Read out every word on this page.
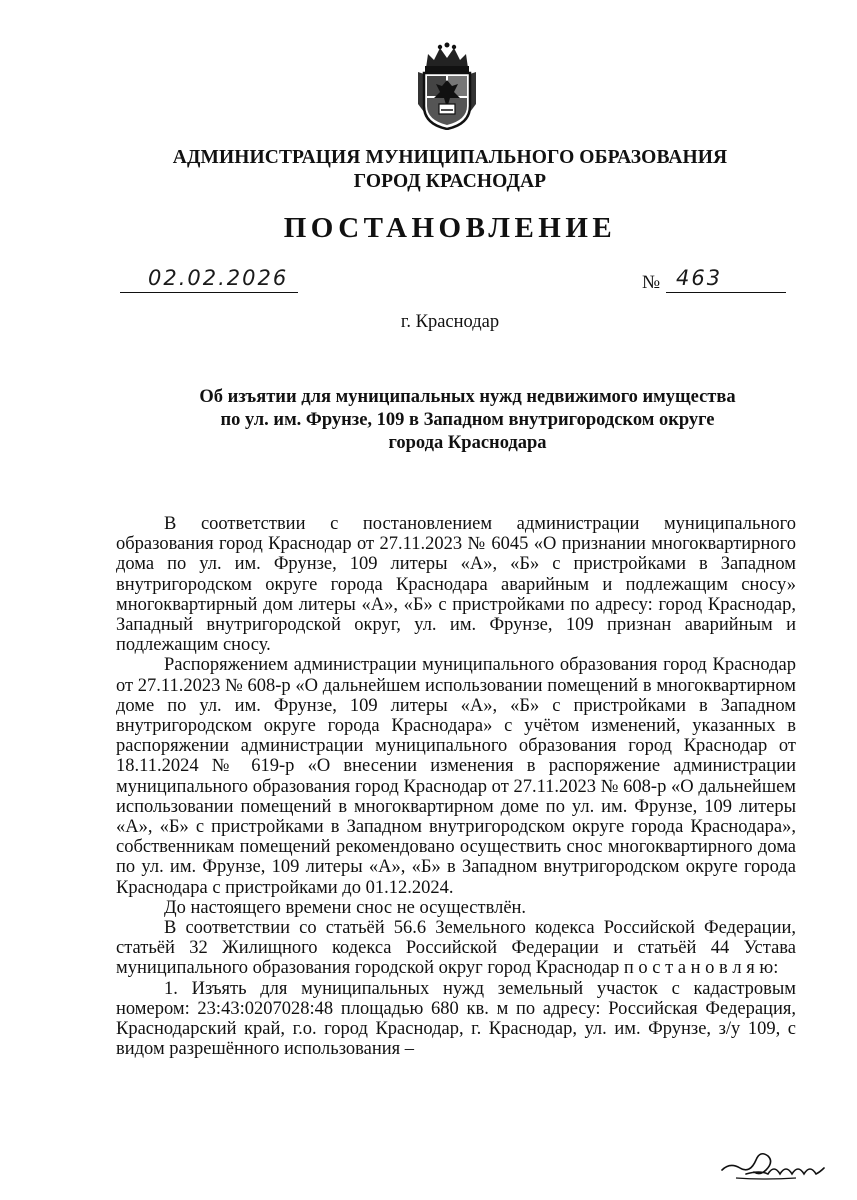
АДМИНИСТРАЦИЯ МУНИЦИПАЛЬНОГО ОБРАЗОВАНИЯ
ГОРОД КРАСНОДАР
ПОСТАНОВЛЕНИЕ
02.02.2026	№ 463
г. Краснодар
Об изъятии для муниципальных нужд недвижимого имущества
по ул. им. Фрунзе, 109 в Западном внутригородском округе
города Краснодара

В соответствии с постановлением администрации муниципального образования город Краснодар от 27.11.2023 № 6045 «О признании многоквартирного дома по ул. им. Фрунзе, 109 литеры «А», «Б» с пристройками в Западном внутригородском округе города Краснодара аварийным и подлежащим сносу» многоквартирный дом литеры «А», «Б» с пристройками по адресу: город Краснодар, Западный внутригородской округ, ул. им. Фрунзе, 109 признан аварийным и подлежащим сносу.

Распоряжением администрации муниципального образования город Краснодар от 27.11.2023 № 608-р «О дальнейшем использовании помещений в многоквартирном доме по ул. им. Фрунзе, 109 литеры «А», «Б» с пристройками в Западном внутригородском округе города Краснодара» с учётом изменений, указанных в распоряжении администрации муниципального образования город Краснодар от 18.11.2024 № 619-р «О внесении изменения в распоряжение администрации муниципального образования город Краснодар от 27.11.2023 № 608-р «О дальнейшем использовании помещений в многоквартирном доме по ул. им. Фрунзе, 109 литеры «А», «Б» с пристройками в Западном внутригородском округе города Краснодара», собственникам помещений рекомендовано осуществить снос многоквартирного дома по ул. им. Фрунзе, 109 литеры «А», «Б» в Западном внутригородском округе города Краснодара с пристройками до 01.12.2024.

До настоящего времени снос не осуществлён.

В соответствии со статьёй 56.6 Земельного кодекса Российской Федерации, статьёй 32 Жилищного кодекса Российской Федерации и статьёй 44 Устава муниципального образования городской округ город Краснодар п о с т а н о в л я ю:

1. Изъять для муниципальных нужд земельный участок с кадастровым номером: 23:43:0207028:48 площадью 680 кв. м по адресу: Российская Федерация, Краснодарский край, г.о. город Краснодар, г. Краснодар, ул. им. Фрунзе, з/у 109, с видом разрешённого использования –
